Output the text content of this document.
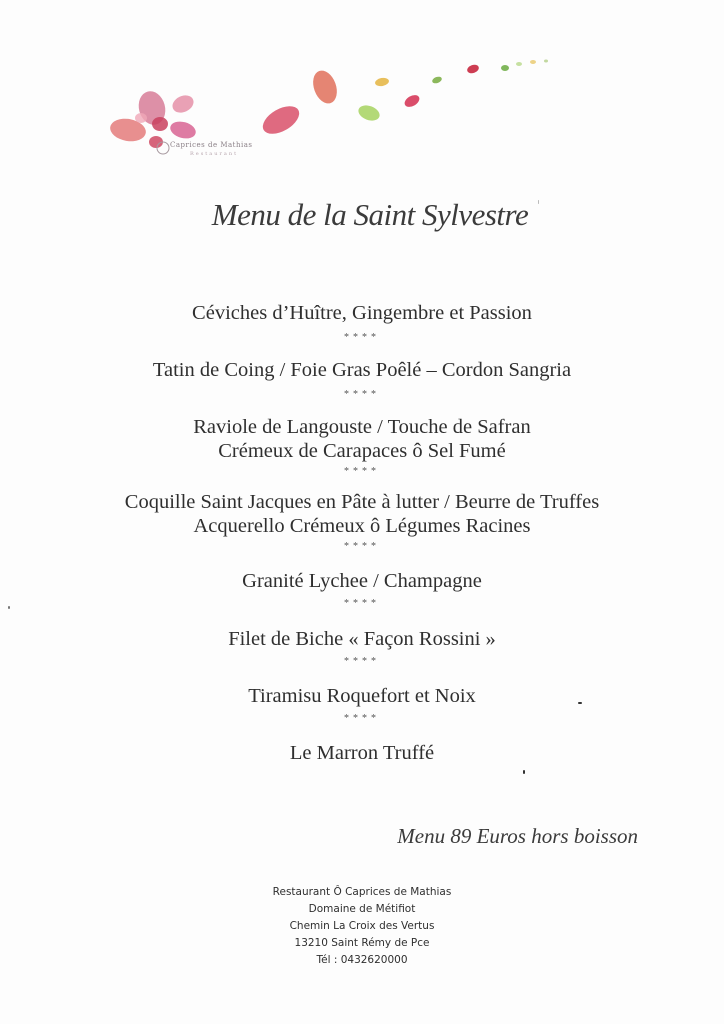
Caprices de Mathias
Restaurant
Menu de la Saint Sylvestre
Céviches d’Huître, Gingembre et Passion
****
Tatin de Coing / Foie Gras Poêlé – Cordon Sangria
****
Raviole de Langouste / Touche de Safran
Crémeux de Carapaces ô Sel Fumé
****
Coquille Saint Jacques en Pâte à lutter / Beurre de Truffes
Acquerello Crémeux ô Légumes Racines
****
Granité Lychee / Champagne
****
Filet de Biche « Façon Rossini »
****
Tiramisu Roquefort et Noix
****
Le Marron Truffé
Menu 89 Euros hors boisson
Restaurant Ô Caprices de Mathias
Domaine de Métifiot
Chemin La Croix des Vertus
13210 Saint Rémy de Pce
Tél : 0432620000
